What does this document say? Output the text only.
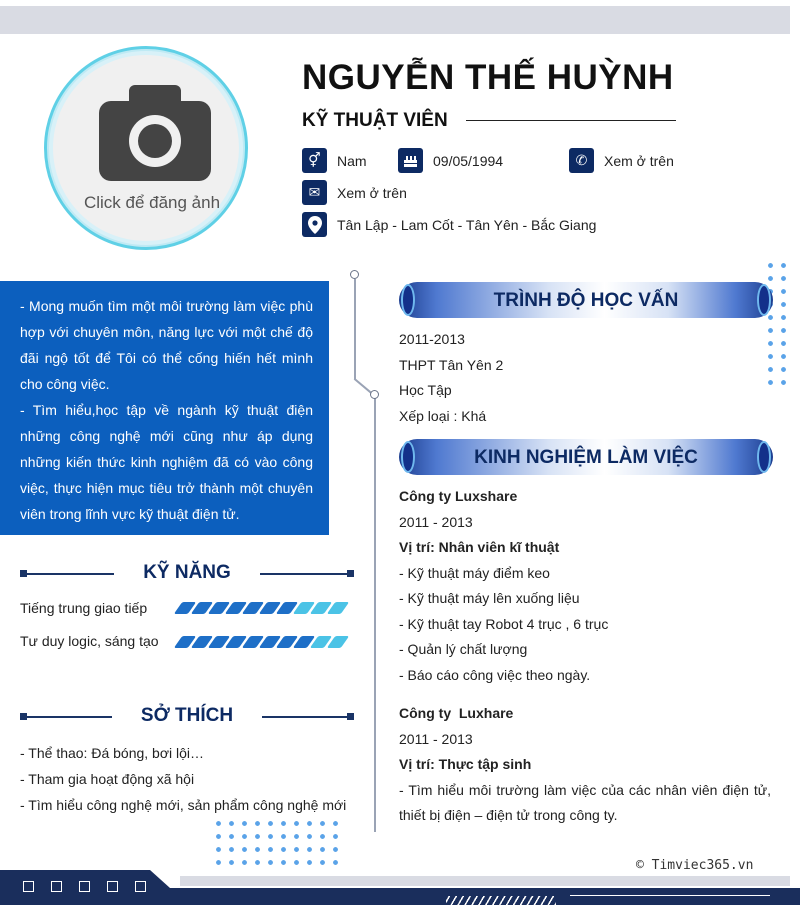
Click để đăng ảnh
NGUYỄN THẾ HUỲNH
KỸ THUẬT VIÊN
⚥	Nam	09/05/1994	✆	Xem ở trên
✉	Xem ở trên
Tân Lập - Lam Cốt - Tân Yên - Bắc Giang

- Mong muốn tìm một môi trường làm việc phù hợp với chuyên môn, năng lực với một chế độ đãi ngộ tốt để Tôi có thể cống hiến hết mình cho công việc.

- Tìm hiểu,học tập về ngành kỹ thuật điện những công nghệ mới cũng như áp dụng những kiến thức kinh nghiệm đã có vào công việc, thực hiện mục tiêu trở thành một chuyên viên trong lĩnh vực kỹ thuật điện tử.

KỸ NĂNG
Tiếng trung giao tiếp
Tư duy logic, sáng tạo
SỞ THÍCH
- Thể thao: Đá bóng, bơi lội…
- Tham gia hoạt động xã hội
- Tìm hiểu công nghệ mới, sản phẩm công nghệ mới
TRÌNH ĐỘ HỌC VẤN
2011-2013
THPT Tân Yên 2
Học Tập
Xếp loại : Khá
KINH NGHIỆM LÀM VIỆC
Công ty Luxshare
2011 - 2013
Vị trí: Nhân viên kĩ thuật
- Kỹ thuật máy điểm keo
- Kỹ thuật máy lên xuống liệu
- Kỹ thuật tay Robot 4 trục , 6 trục
- Quản lý chất lượng
- Báo cáo công việc theo ngày.
Công ty  Luxhare
2011 - 2013
Vị trí: Thực tập sinh
- Tìm hiểu môi trường làm việc của các nhân viên điện tử, thiết bị điện – điện tử trong công ty.
© Timviec365.vn
